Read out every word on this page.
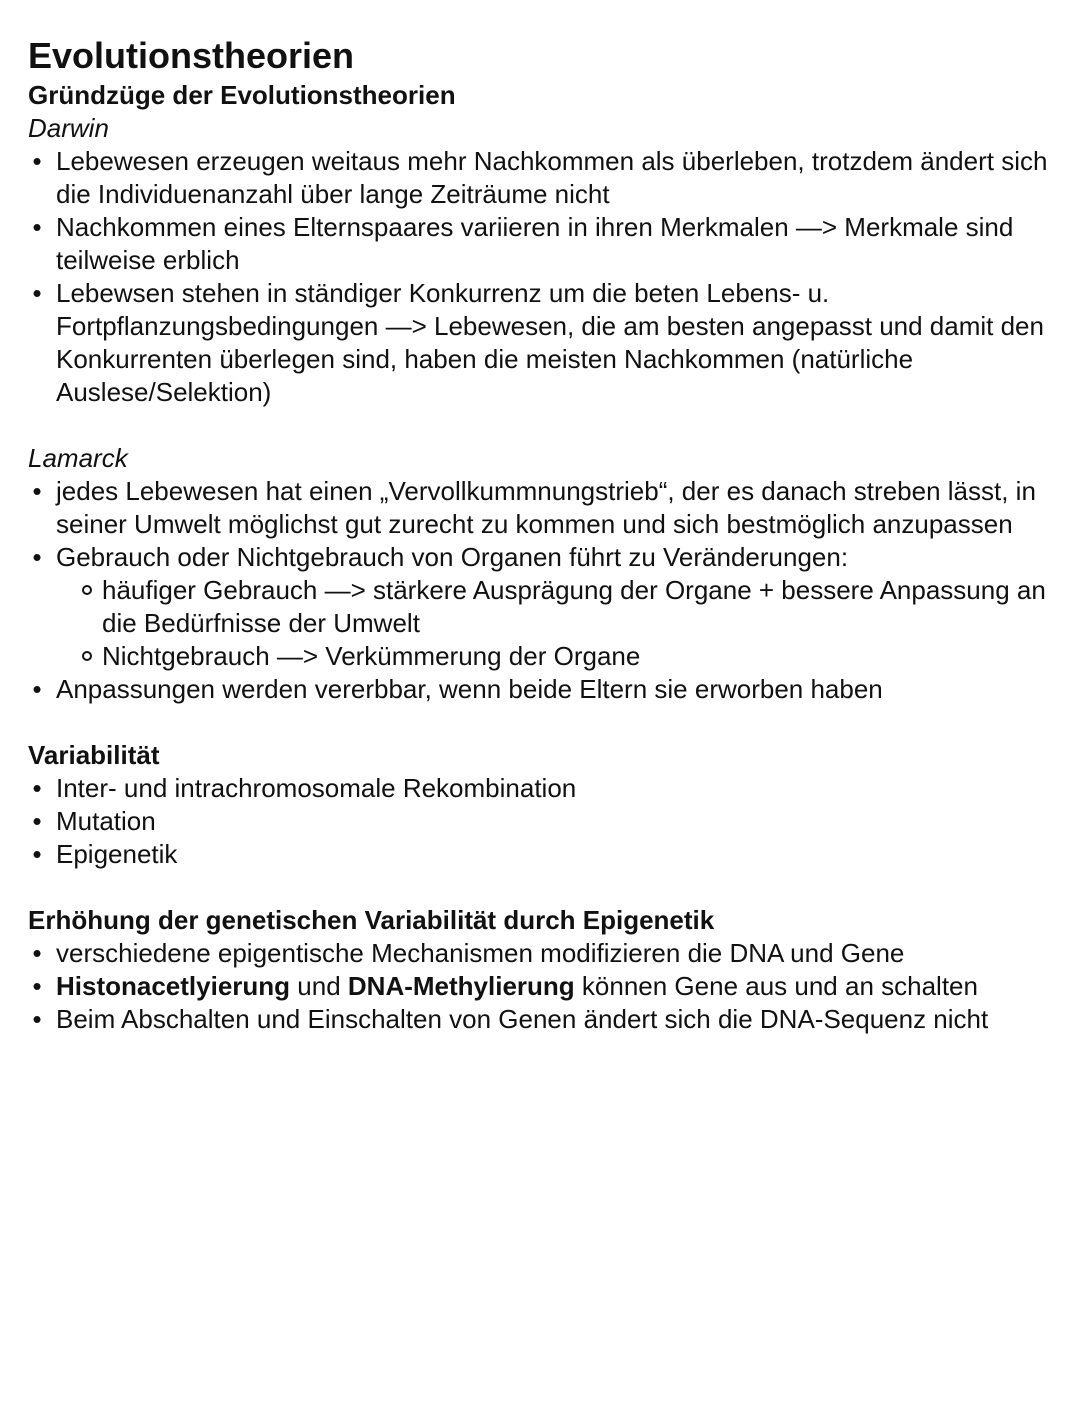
Evolutionstheorien
Gründzüge der Evolutionstheorien
Darwin
• Lebewesen erzeugen weitaus mehr Nachkommen als überleben, trotzdem ändert sich die Individuenanzahl über lange Zeiträume nicht
• Nachkommen eines Elternspaares variieren in ihren Merkmalen —> Merkmale sind teilweise erblich
• Lebewsen stehen in ständiger Konkurrenz um die beten Lebens- u. Fortpflanzungsbedingungen —> Lebewesen, die am besten angepasst und damit den Konkurrenten überlegen sind, haben die meisten Nachkommen (natürliche Auslese/Selektion)
Lamarck
• jedes Lebewesen hat einen „Vervollkummnungstrieb“, der es danach streben lässt, in seiner Umwelt möglichst gut zurecht zu kommen und sich bestmöglich anzupassen
• Gebrauch oder Nichtgebrauch von Organen führt zu Veränderungen:
häufiger Gebrauch —> stärkere Ausprägung der Organe + bessere Anpassung an die Bedürfnisse der Umwelt
Nichtgebrauch —> Verkümmerung der Organe
• Anpassungen werden vererbbar, wenn beide Eltern sie erworben haben
Variabilität
• Inter- und intrachromosomale Rekombination
• Mutation
• Epigenetik
Erhöhung der genetischen Variabilität durch Epigenetik
• verschiedene epigentische Mechanismen modifizieren die DNA und Gene
• Histonacetlyierung und DNA-Methylierung können Gene aus und an schalten
• Beim Abschalten und Einschalten von Genen ändert sich die DNA-Sequenz nicht
